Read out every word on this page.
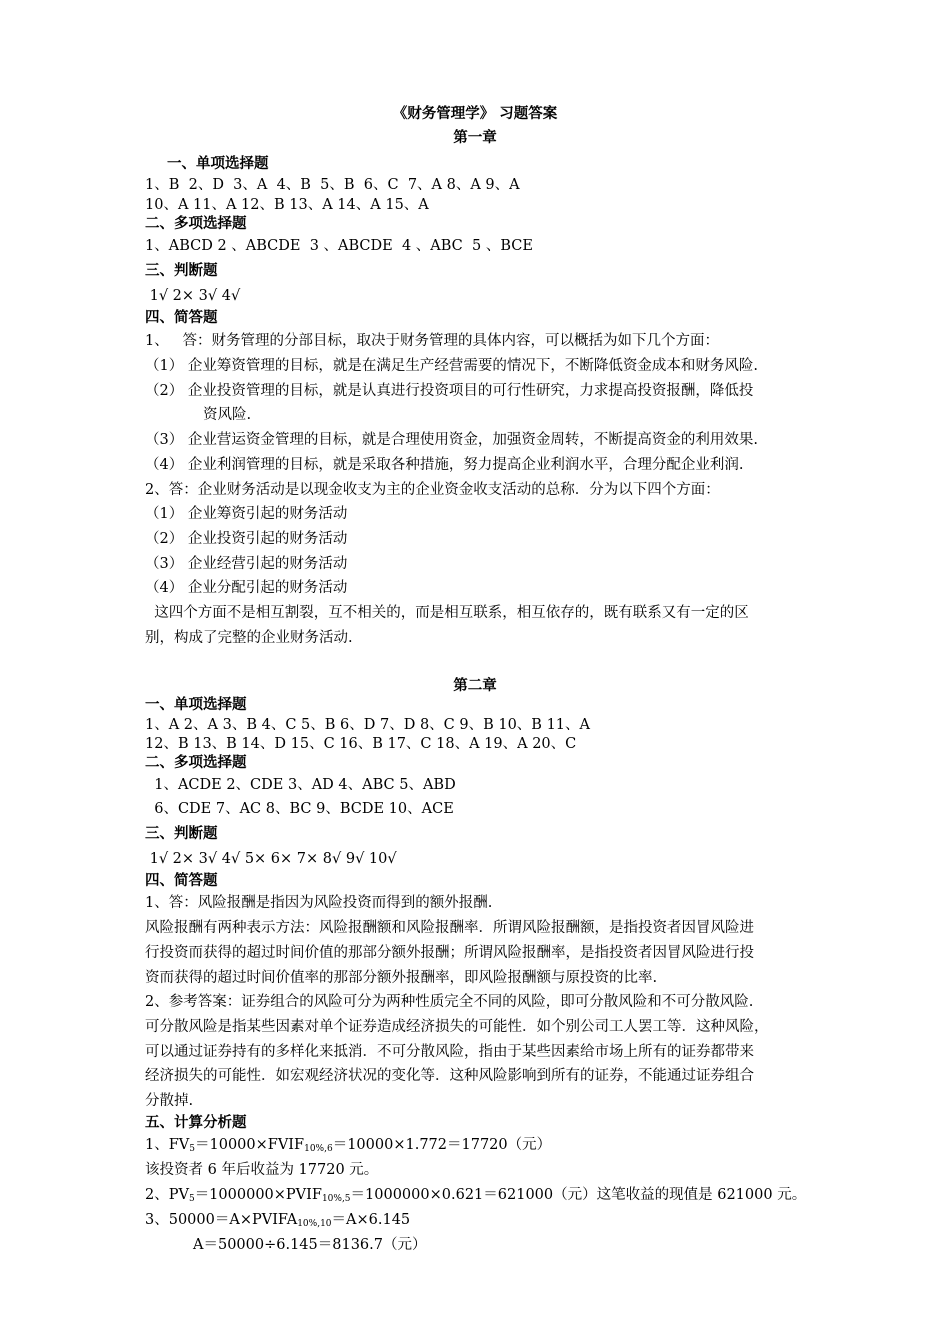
《财务管理学》 习题答案
第一章
一、单项选择题
1、B  2、D  3、A  4、B  5、B  6、C  7、A 8、A 9、A
10、A 11、A 12、B 13、A 14、A 15、A
二、多项选择题
1、ABCD 2 、ABCDE  3 、ABCDE  4 、ABC  5 、BCE
三、判断题
1√ 2× 3√ 4√
四、简答题
1、   答：财务管理的分部目标，取决于财务管理的具体内容，可以概括为如下几个方面：
（1） 企业筹资管理的目标，就是在满足生产经营需要的情况下，不断降低资金成本和财务风险.
（2） 企业投资管理的目标，就是认真进行投资项目的可行性研究，力求提高投资报酬，降低投
资风险.
（3） 企业营运资金管理的目标，就是合理使用资金，加强资金周转，不断提高资金的利用效果.
（4） 企业利润管理的目标，就是采取各种措施，努力提高企业利润水平，合理分配企业利润.
2、答：企业财务活动是以现金收支为主的企业资金收支活动的总称．分为以下四个方面：
（1） 企业筹资引起的财务活动
（2） 企业投资引起的财务活动
（3） 企业经营引起的财务活动
（4） 企业分配引起的财务活动
这四个方面不是相互割裂，互不相关的，而是相互联系，相互依存的，既有联系又有一定的区
别，构成了完整的企业财务活动.
第二章
一、单项选择题
1、A 2、A 3、B 4、C 5、B 6、D 7、D 8、C 9、B 10、B 11、A
12、B 13、B 14、D 15、C 16、B 17、C 18、A 19、A 20、C
二、多项选择题
1、ACDE 2、CDE 3、AD 4、ABC 5、ABD
6、CDE 7、AC 8、BC 9、BCDE 10、ACE
三、判断题
1√ 2× 3√ 4√ 5× 6× 7× 8√ 9√ 10√
四、简答题
1、答：风险报酬是指因为风险投资而得到的额外报酬.
风险报酬有两种表示方法：风险报酬额和风险报酬率．所谓风险报酬额，是指投资者因冒风险进
行投资而获得的超过时间价值的那部分额外报酬；所谓风险报酬率，是指投资者因冒风险进行投
资而获得的超过时间价值率的那部分额外报酬率，即风险报酬额与原投资的比率.
2、参考答案：证券组合的风险可分为两种性质完全不同的风险，即可分散风险和不可分散风险.
可分散风险是指某些因素对单个证券造成经济损失的可能性．如个别公司工人罢工等．这种风险，
可以通过证券持有的多样化来抵消．不可分散风险，指由于某些因素给市场上所有的证券都带来
经济损失的可能性．如宏观经济状况的变化等．这种风险影响到所有的证券，不能通过证券组合
分散掉.
五、计算分析题
1、$FV_5=10000\times FVIF_{10\%,6}=10000\times 1.772=17720$（元）
该投资者 6 年后收益为 17720 元。
2、$PV_5=1000000\times PVIF_{10\%,5}=1000000\times 0.621=621000$（元）这笔收益的现值是 621000 元。
3、$50000=A\times PVIFA_{10\%,10}=A\times 6.145$
A＝50000÷6.145＝8136.7（元）
